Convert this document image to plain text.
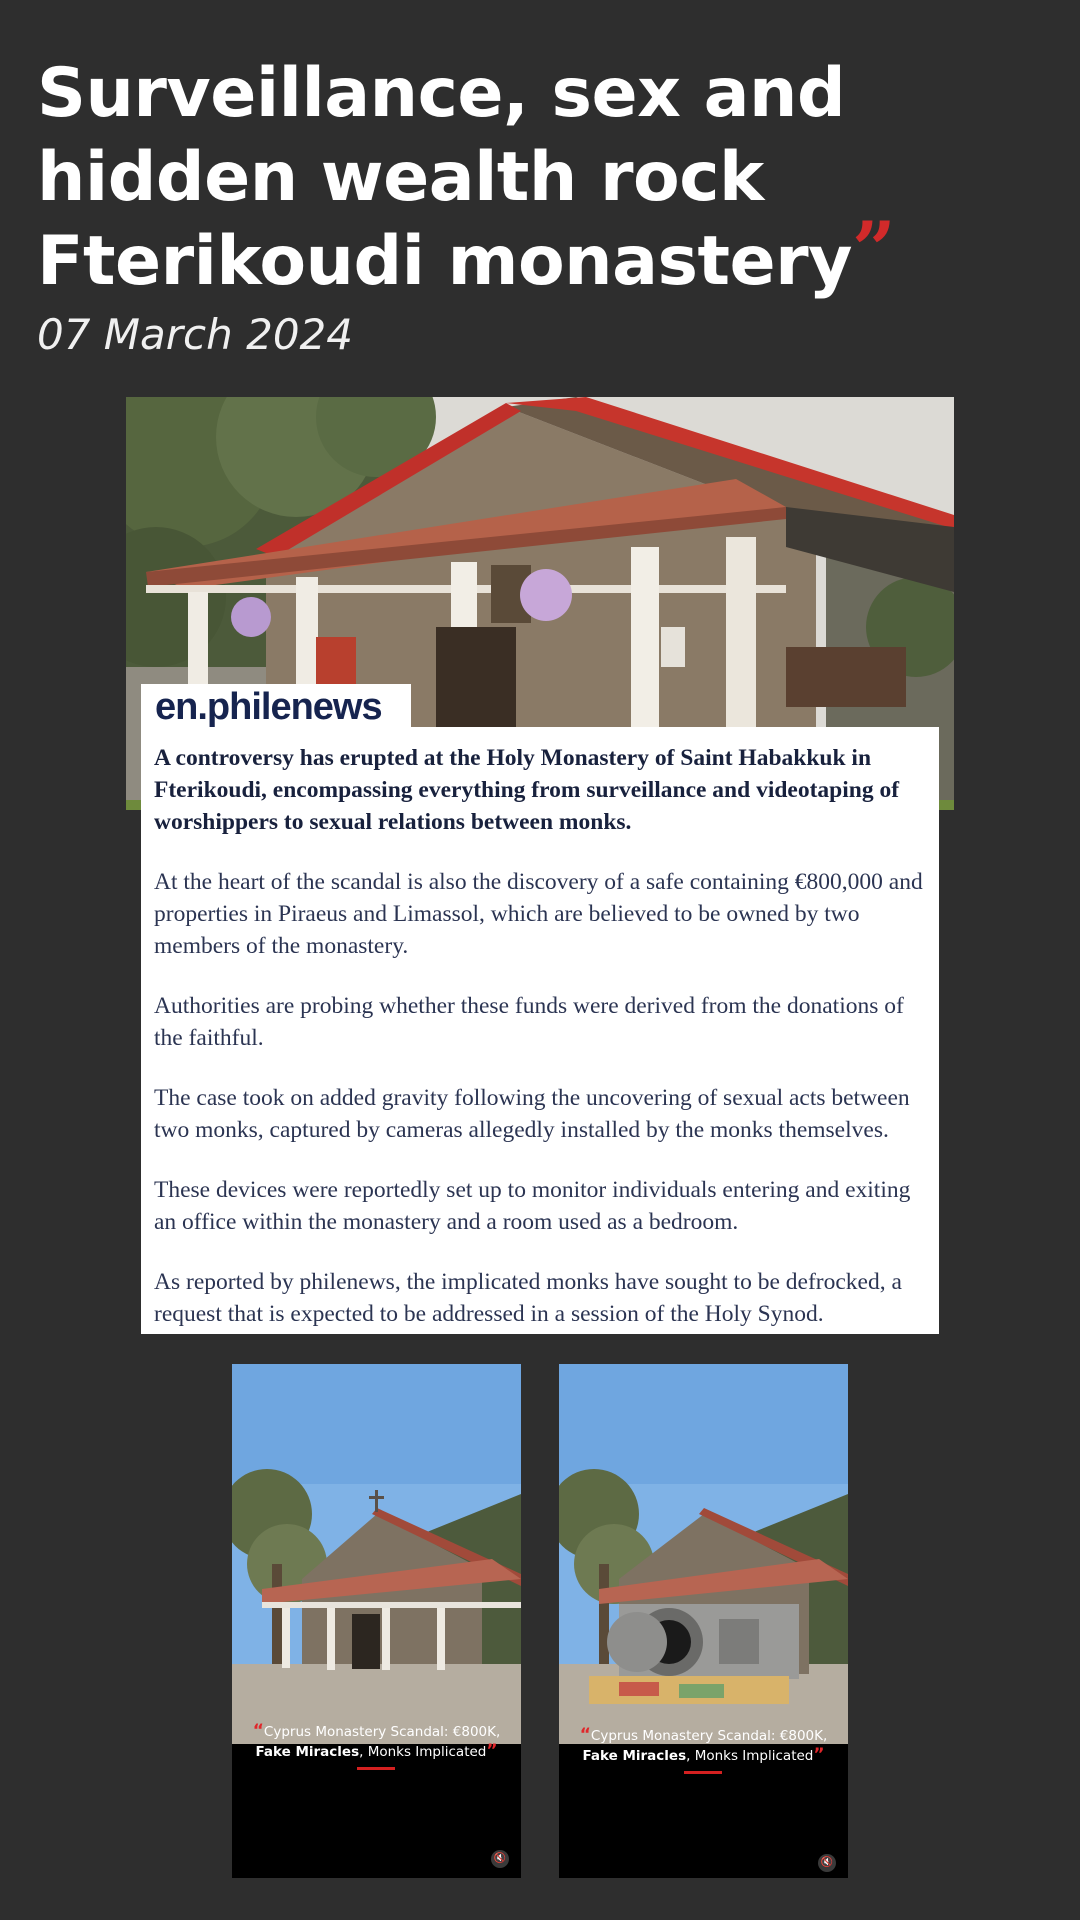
Surveillance, sex and hidden wealth rock Fterikoudi monastery”
07 March 2024

A controversy has erupted at the Holy Monastery of Saint Habakkuk in Fterikoudi, encompassing everything from surveillance and videotaping of worshippers to sexual relations between monks.

At the heart of the scandal is also the discovery of a safe containing €800,000 and properties in Piraeus and Limassol, which are believed to be owned by two members of the monastery.

Authorities are probing whether these funds were derived from the donations of the faithful.

The case took on added gravity following the uncovering of sexual acts between two monks, captured by cameras allegedly installed by the monks themselves.

These devices were reportedly set up to monitor individuals entering and exiting an office within the monastery and a room used as a bedroom.

As reported by philenews, the implicated monks have sought to be defrocked, a request that is expected to be addressed in a session of the Holy Synod.

en.philenews
“Cyprus Monastery Scandal: €800K,
Fake Miracles, Monks Implicated”
🔇
“Cyprus Monastery Scandal: €800K,
Fake Miracles, Monks Implicated”
🔇
